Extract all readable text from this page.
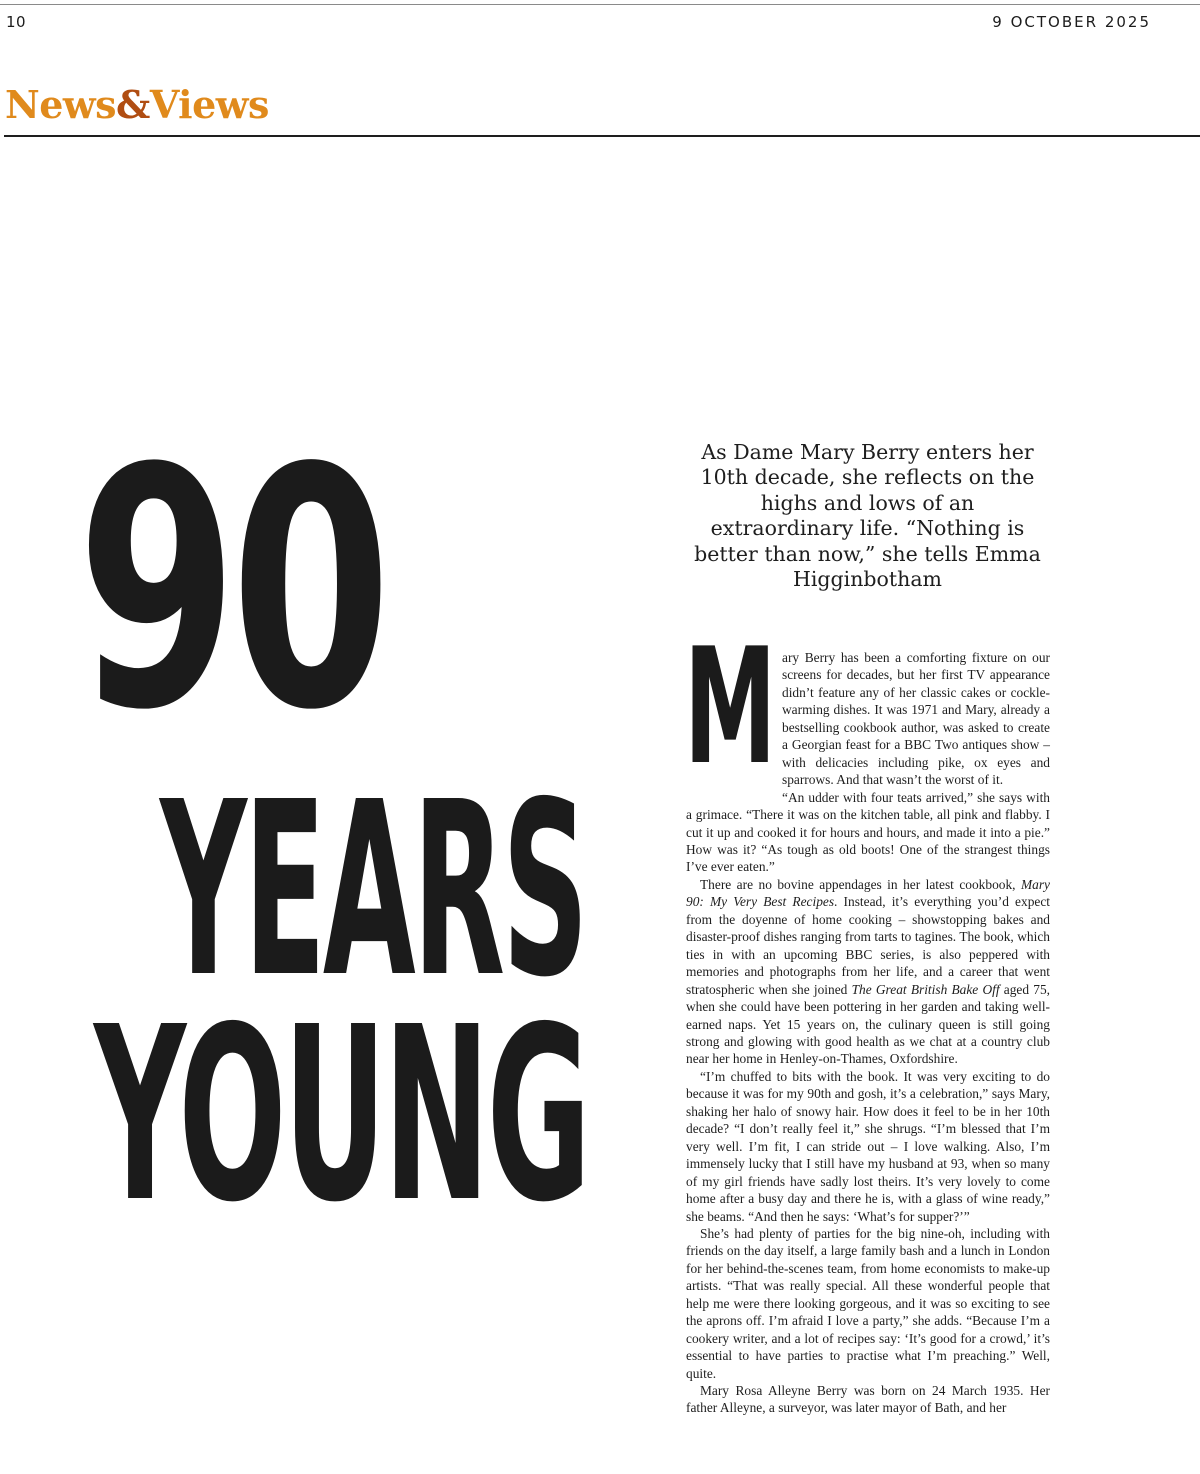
10	9 OCTOBER 2025
News&Views
90
YEARS
YOUNG

As Dame Mary Berry enters her 10th decade, she reflects on the highs and lows of an extraordinary life. “Nothing is better than now,” she tells Emma Higginbotham

M ary Berry has been a comforting fixture on our screens for decades, but her first TV appearance didn’t feature any of her classic cakes or cockle-warming dishes. It was 1971 and Mary, already a bestselling cookbook author, was asked to create a Georgian feast for a BBC Two antiques show – with delicacies including pike, ox eyes and sparrows. And that wasn’t the worst of it.

“An udder with four teats arrived,” she says with a grimace. “There it was on the kitchen table, all pink and flabby. I cut it up and cooked it for hours and hours, and made it into a pie.” How was it? “As tough as old boots! One of the strangest things I’ve ever eaten.”

There are no bovine appendages in her latest cookbook, Mary 90: My Very Best Recipes. Instead, it’s everything you’d expect from the doyenne of home cooking – showstopping bakes and disaster-proof dishes ranging from tarts to tagines. The book, which ties in with an upcoming BBC series, is also peppered with memories and photographs from her life, and a career that went stratospheric when she joined The Great British Bake Off aged 75, when she could have been pottering in her garden and taking well-earned naps. Yet 15 years on, the culinary queen is still going strong and glowing with good health as we chat at a country club near her home in Henley-on-Thames, Oxfordshire.

“I’m chuffed to bits with the book. It was very exciting to do because it was for my 90th and gosh, it’s a celebration,” says Mary, shaking her halo of snowy hair. How does it feel to be in her 10th decade? “I don’t really feel it,” she shrugs. “I’m blessed that I’m very well. I’m fit, I can stride out – I love walking. Also, I’m immensely lucky that I still have my husband at 93, when so many of my girl friends have sadly lost theirs. It’s very lovely to come home after a busy day and there he is, with a glass of wine ready,” she beams. “And then he says: ‘What’s for supper?’”

She’s had plenty of parties for the big nine-oh, including with friends on the day itself, a large family bash and a lunch in London for her behind-the-scenes team, from home economists to make-up artists. “That was really special. All these wonderful people that help me were there looking gorgeous, and it was so exciting to see the aprons off. I’m afraid I love a party,” she adds. “Because I’m a cookery writer, and a lot of recipes say: ‘It’s good for a crowd,’ it’s essential to have parties to practise what I’m preaching.” Well, quite.

Mary Rosa Alleyne Berry was born on 24 March 1935. Her father Alleyne, a surveyor, was later mayor of Bath, and her
